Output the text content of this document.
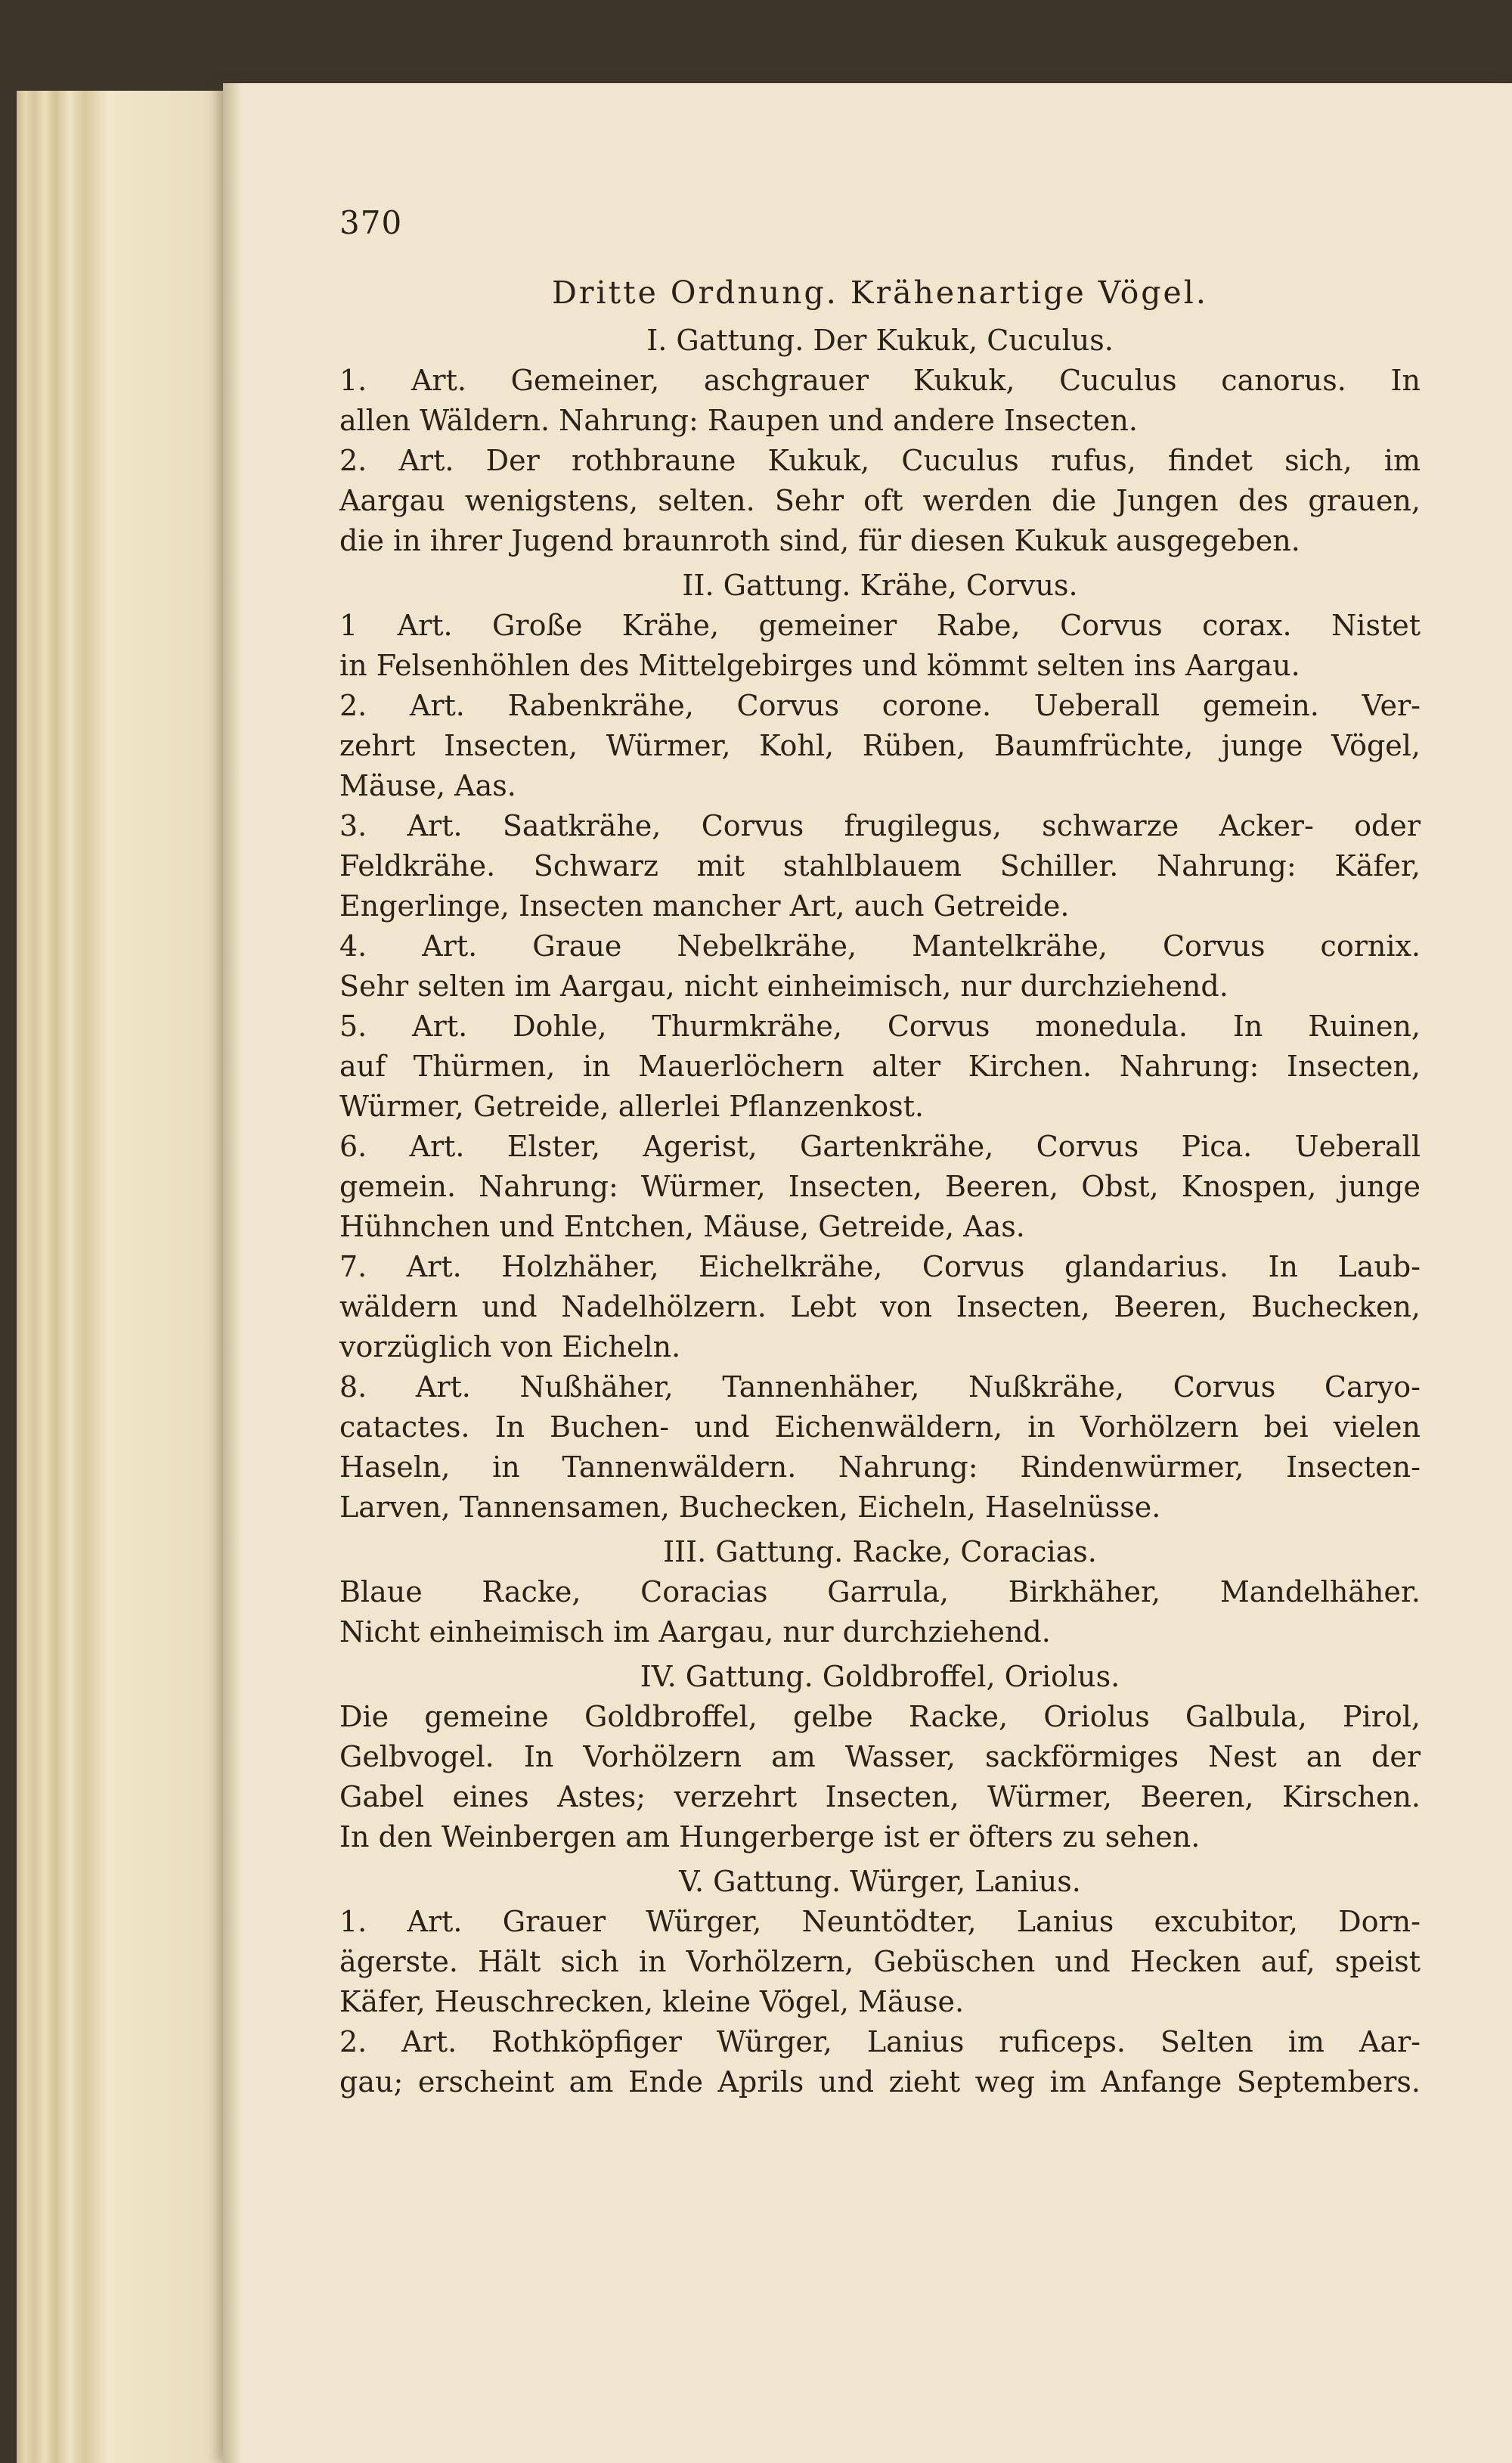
370
Dritte Ordnung. Krähenartige Vögel.
I. Gattung. Der Kukuk, Cuculus.
1. Art. Gemeiner, aschgrauer Kukuk, Cuculus canorus. In
allen Wäldern. Nahrung: Raupen und andere Insecten.
2. Art. Der rothbraune Kukuk, Cuculus rufus, findet sich, im
Aargau wenigstens, selten. Sehr oft werden die Jungen des grauen,
die in ihrer Jugend braunroth sind, für diesen Kukuk ausgegeben.
II. Gattung. Krähe, Corvus.
1 Art. Große Krähe, gemeiner Rabe, Corvus corax. Nistet
in Felsenhöhlen des Mittelgebirges und kömmt selten ins Aargau.
2. Art. Rabenkrähe, Corvus corone. Ueberall gemein. Ver-
zehrt Insecten, Würmer, Kohl, Rüben, Baumfrüchte, junge Vögel,
Mäuse, Aas.
3. Art. Saatkrähe, Corvus frugilegus, schwarze Acker- oder
Feldkrähe. Schwarz mit stahlblauem Schiller. Nahrung: Käfer,
Engerlinge, Insecten mancher Art, auch Getreide.
4. Art. Graue Nebelkrähe, Mantelkrähe, Corvus cornix.
Sehr selten im Aargau, nicht einheimisch, nur durchziehend.
5. Art. Dohle, Thurmkrähe, Corvus monedula. In Ruinen,
auf Thürmen, in Mauerlöchern alter Kirchen. Nahrung: Insecten,
Würmer, Getreide, allerlei Pflanzenkost.
6. Art. Elster, Agerist, Gartenkrähe, Corvus Pica. Ueberall
gemein. Nahrung: Würmer, Insecten, Beeren, Obst, Knospen, junge
Hühnchen und Entchen, Mäuse, Getreide, Aas.
7. Art. Holzhäher, Eichelkrähe, Corvus glandarius. In Laub-
wäldern und Nadelhölzern. Lebt von Insecten, Beeren, Buchecken,
vorzüglich von Eicheln.
8. Art. Nußhäher, Tannenhäher, Nußkrähe, Corvus Caryo-
catactes. In Buchen- und Eichenwäldern, in Vorhölzern bei vielen
Haseln, in Tannenwäldern. Nahrung: Rindenwürmer, Insecten-
Larven, Tannensamen, Buchecken, Eicheln, Haselnüsse.
III. Gattung. Racke, Coracias.
Blaue Racke, Coracias Garrula, Birkhäher, Mandelhäher.
Nicht einheimisch im Aargau, nur durchziehend.
IV. Gattung. Goldbroffel, Oriolus.
Die gemeine Goldbroffel, gelbe Racke, Oriolus Galbula, Pirol,
Gelbvogel. In Vorhölzern am Wasser, sackförmiges Nest an der
Gabel eines Astes; verzehrt Insecten, Würmer, Beeren, Kirschen.
In den Weinbergen am Hungerberge ist er öfters zu sehen.
V. Gattung. Würger, Lanius.
1. Art. Grauer Würger, Neuntödter, Lanius excubitor, Dorn-
ägerste. Hält sich in Vorhölzern, Gebüschen und Hecken auf, speist
Käfer, Heuschrecken, kleine Vögel, Mäuse.
2. Art. Rothköpfiger Würger, Lanius ruficeps. Selten im Aar-
gau; erscheint am Ende Aprils und zieht weg im Anfange Septembers.
